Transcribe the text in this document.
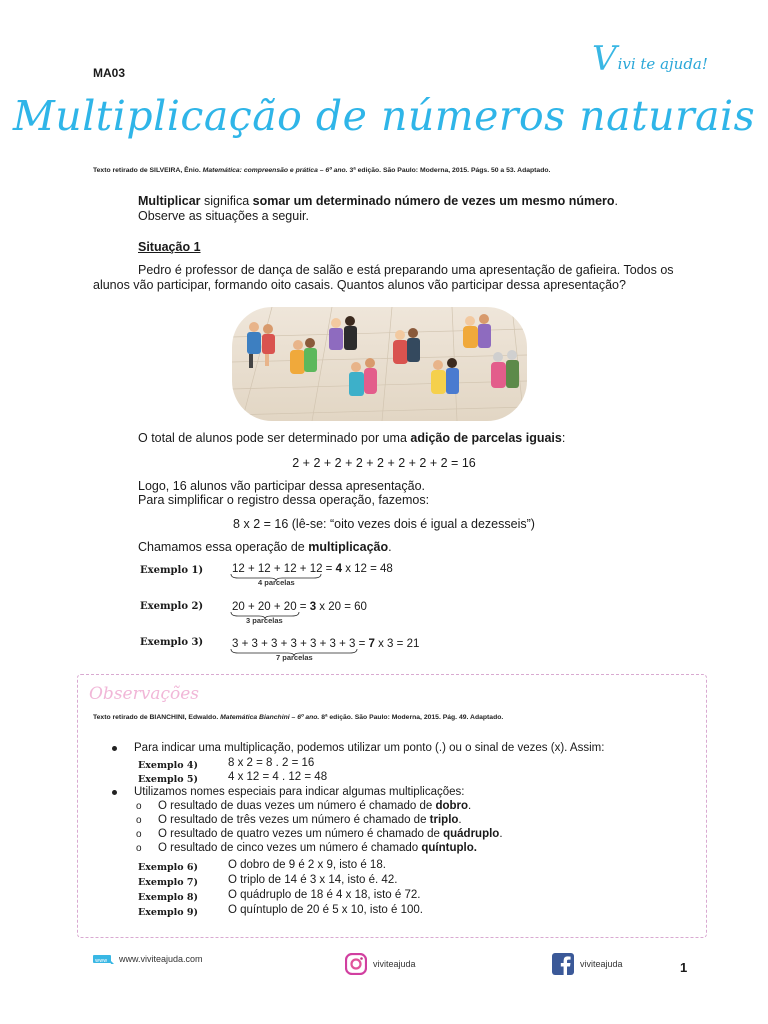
MA03	V ivi te ajuda!
Multiplicação de números naturais
Texto retirado de SILVEIRA, Ênio. Matemática: compreensão e prática – 6º ano. 3ª edição. São Paulo: Moderna, 2015. Págs. 50 a 53. Adaptado.
Multiplicar significa somar um determinado número de vezes um mesmo número.
Observe as situações a seguir.
Situação 1
Pedro é professor de dança de salão e está preparando uma apresentação de gafieira. Todos os alunos vão participar, formando oito casais. Quantos alunos vão participar dessa apresentação?
O total de alunos pode ser determinado por uma adição de parcelas iguais:
2 + 2 + 2 + 2 + 2 + 2 + 2 + 2 = 16
Logo, 16 alunos vão participar dessa apresentação.
Para simplificar o registro dessa operação, fazemos:
8 x 2 = 16 (lê-se: “oito vezes dois é igual a dezesseis”)
Chamamos essa operação de multiplicação.
Exemplo 1)	12 + 12 + 12 + 12 = 4 x 12 = 48
4 parcelas
Exemplo 2)	20 + 20 + 20 = 3 x 20 = 60
3 parcelas
Exemplo 3)	3 + 3 + 3 + 3 + 3 + 3 + 3 = 7 x 3 = 21
7 parcelas
Observações
Texto retirado de BIANCHINI, Edwaldo. Matemática Bianchini – 6º ano. 8ª edição. São Paulo: Moderna, 2015. Pág. 49. Adaptado.
Para indicar uma multiplicação, podemos utilizar um ponto (.) ou o sinal de vezes (x). Assim:
Exemplo 4)	8 x 2 = 8 . 2 = 16
Exemplo 5)	4 x 12 = 4 . 12 = 48
Utilizamos nomes especiais para indicar algumas multiplicações:
o O resultado de duas vezes um número é chamado de dobro.
o O resultado de três vezes um número é chamado de triplo.
o O resultado de quatro vezes um número é chamado de quádruplo.
o O resultado de cinco vezes um número é chamado quíntuplo.
Exemplo 6)	O dobro de 9 é 2 x 9, isto é 18.
Exemplo 7)	O triplo de 14 é 3 x 14, isto é. 42.
Exemplo 8)	O quádruplo de 18 é 4 x 18, isto é 72.
Exemplo 9)	O quíntuplo de 20 é 5 x 10, isto é 100.
www www.viviteajuda.com	viviteajuda	viviteajuda	1
